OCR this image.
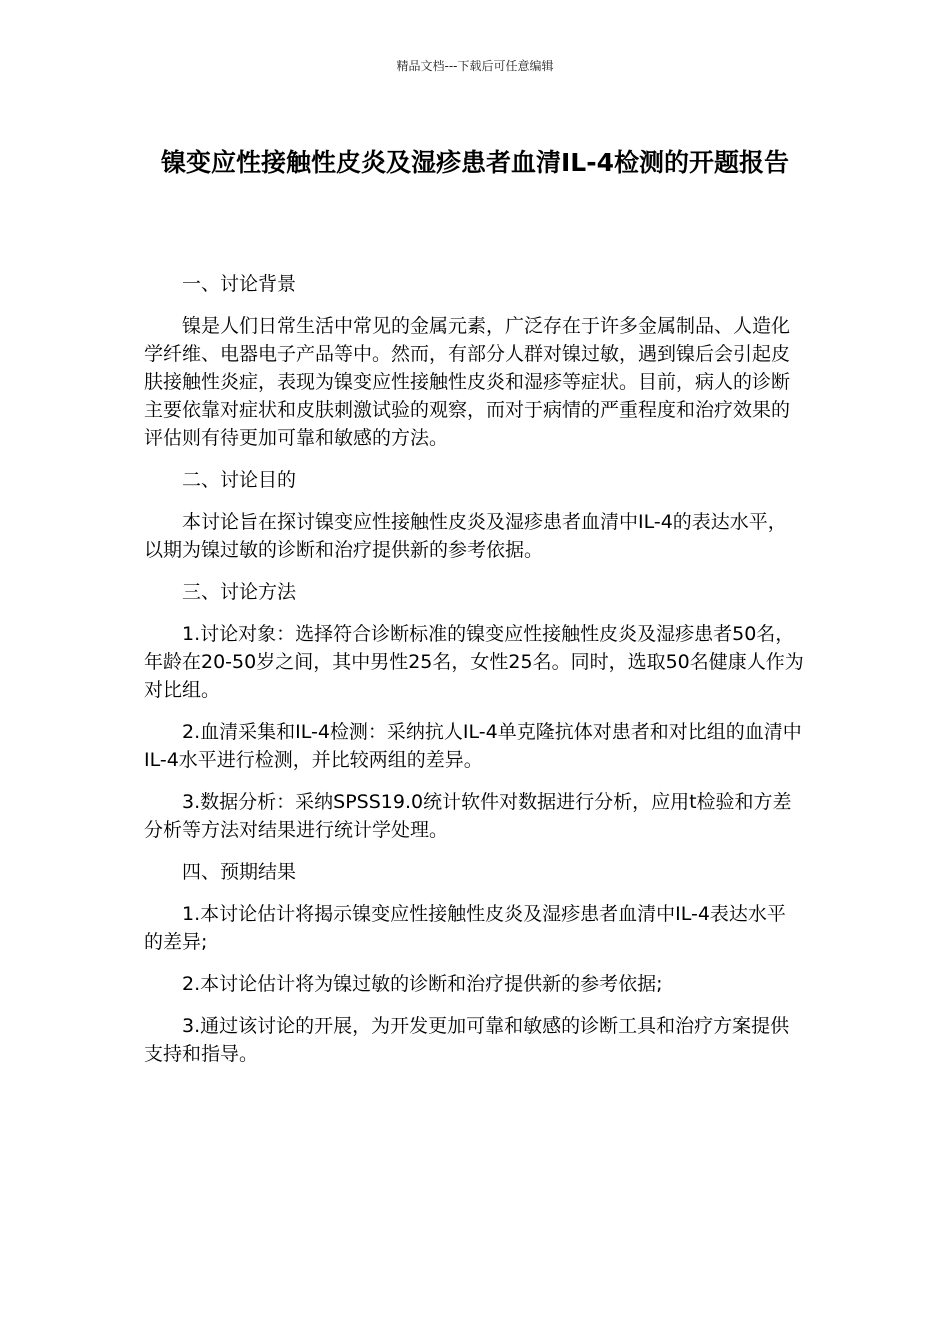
精品文档---下载后可任意编辑
镍变应性接触性皮炎及湿疹患者血清IL-4检测的开题报告

一、讨论背景

镍是人们日常生活中常见的金属元素，广泛存在于许多金属制品、人造化学纤维、电器电子产品等中。然而，有部分人群对镍过敏，遇到镍后会引起皮肤接触性炎症，表现为镍变应性接触性皮炎和湿疹等症状。目前，病人的诊断主要依靠对症状和皮肤刺激试验的观察，而对于病情的严重程度和治疗效果的评估则有待更加可靠和敏感的方法。

二、讨论目的

本讨论旨在探讨镍变应性接触性皮炎及湿疹患者血清中IL-4的表达水平，以期为镍过敏的诊断和治疗提供新的参考依据。

三、讨论方法

1.讨论对象：选择符合诊断标准的镍变应性接触性皮炎及湿疹患者50名，年龄在20-50岁之间，其中男性25名，女性25名。同时，选取50名健康人作为对比组。

2.血清采集和IL-4检测：采纳抗人IL-4单克隆抗体对患者和对比组的血清中IL-4水平进行检测，并比较两组的差异。

3.数据分析：采纳SPSS19.0统计软件对数据进行分析，应用t检验和方差分析等方法对结果进行统计学处理。

四、预期结果

1.本讨论估计将揭示镍变应性接触性皮炎及湿疹患者血清中IL-4表达水平的差异;

2.本讨论估计将为镍过敏的诊断和治疗提供新的参考依据;

3.通过该讨论的开展，为开发更加可靠和敏感的诊断工具和治疗方案提供支持和指导。
